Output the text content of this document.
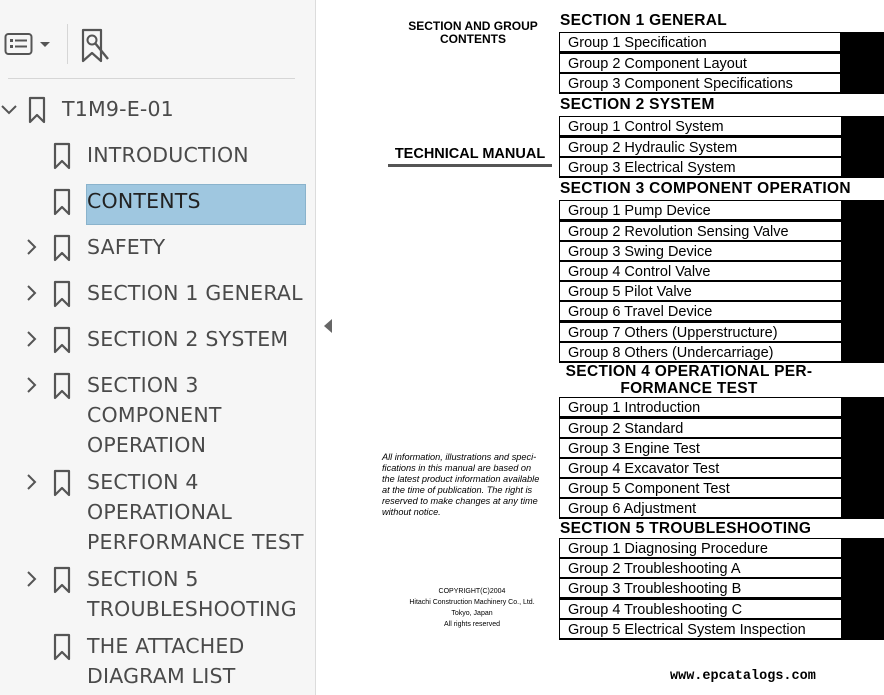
T1M9-E-01
INTRODUCTION
CONTENTS
SAFETY
SECTION 1 GENERAL
SECTION 2 SYSTEM
SECTION 3
COMPONENT
OPERATION
SECTION 4
OPERATIONAL
PERFORMANCE TEST
SECTION 5
TROUBLESHOOTING
THE ATTACHED
DIAGRAM LIST
SECTION AND GROUP
CONTENTS
TECHNICAL MANUAL
All information, illustrations and speci-
fications in this manual are based on
the latest product information available
at the time of publication. The right is
reserved to make changes at any time
without notice.
COPYRIGHT(C)2004
Hitachi Construction Machinery Co., Ltd.
Tokyo, Japan
All rights reserved
www.epcatalogs.com
SECTION 1 GENERAL
Group 1 Specification
Group 2 Component Layout
Group 3 Component Specifications
SECTION 2 SYSTEM
Group 1 Control System
Group 2 Hydraulic System
Group 3 Electrical System
SECTION 3 COMPONENT OPERATION
Group 1 Pump Device
Group 2 Revolution Sensing Valve
Group 3 Swing Device
Group 4 Control Valve
Group 5 Pilot Valve
Group 6 Travel Device
Group 7 Others (Upperstructure)
Group 8 Others (Undercarriage)
SECTION 4 OPERATIONAL PER-
FORMANCE TEST
Group 1 Introduction
Group 2 Standard
Group 3 Engine Test
Group 4 Excavator Test
Group 5 Component Test
Group 6 Adjustment
SECTION 5 TROUBLESHOOTING
Group 1 Diagnosing Procedure
Group 2 Troubleshooting A
Group 3 Troubleshooting B
Group 4 Troubleshooting C
Group 5 Electrical System Inspection
